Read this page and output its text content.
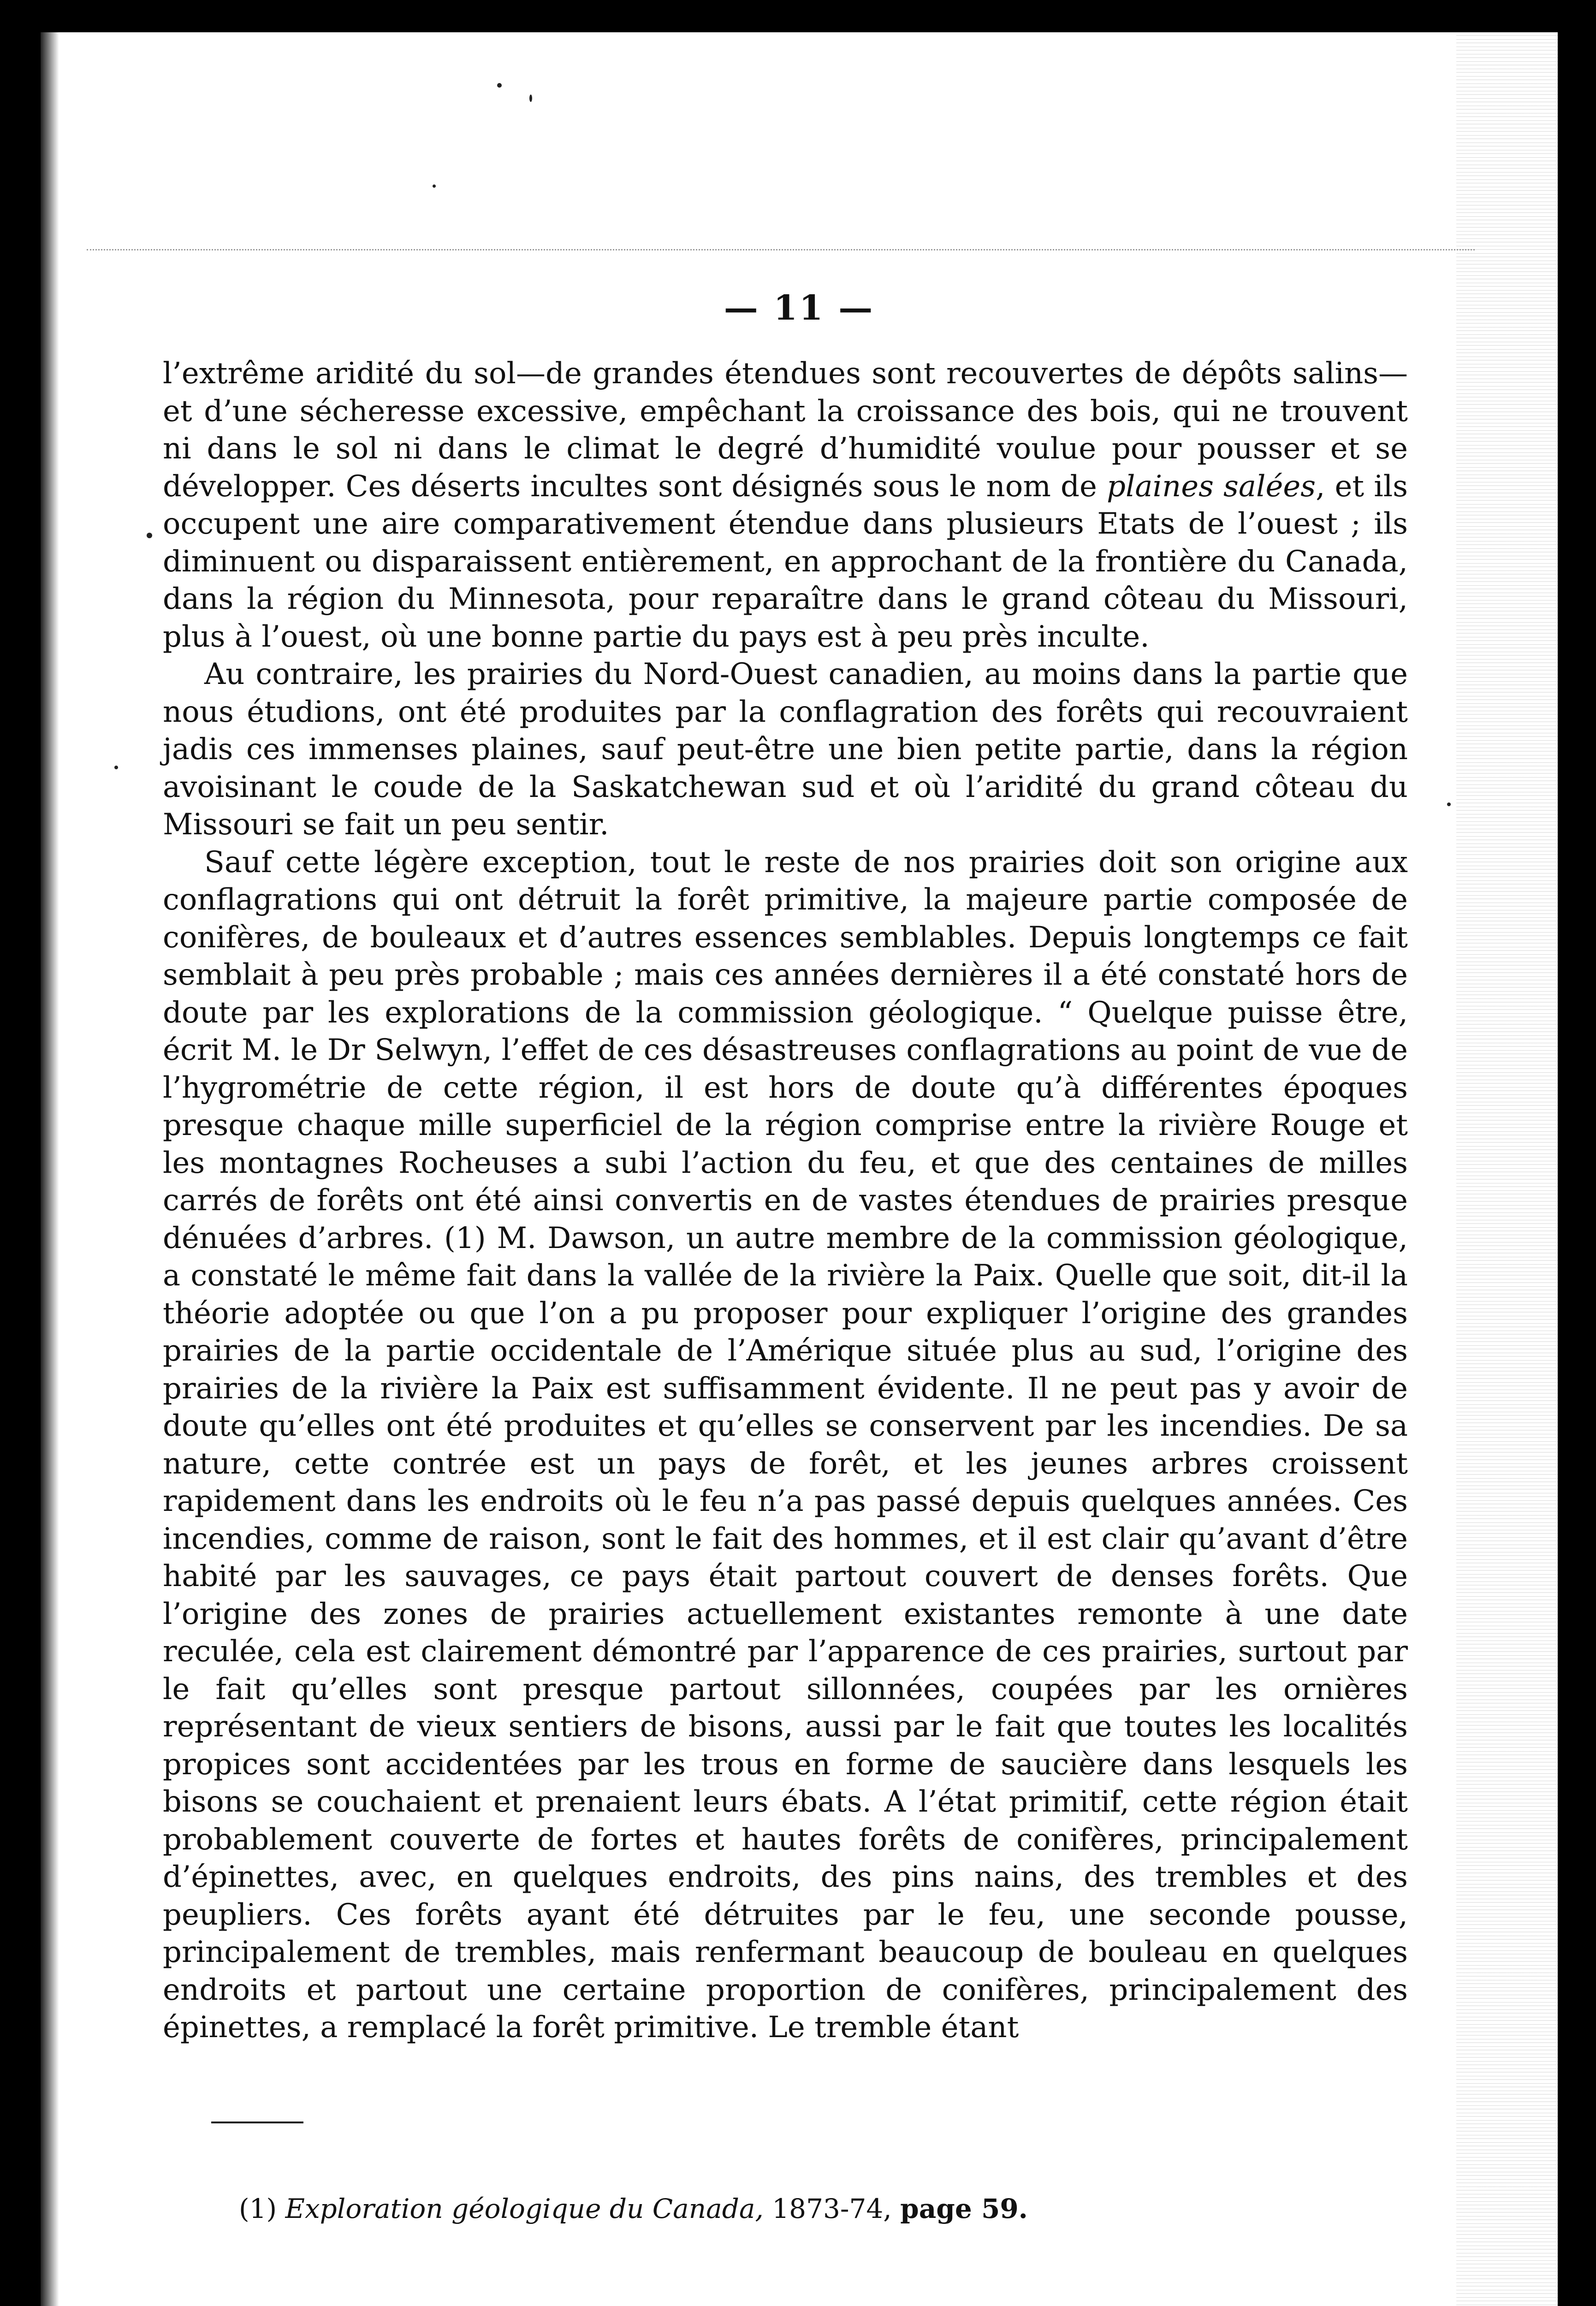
— 11 —

l’extrême aridité du sol—de grandes étendues sont recouvertes de dépôts salins—et d’une sécheresse excessive, empêchant la croissance des bois, qui ne trouvent ni dans le sol ni dans le climat le degré d’humidité voulue pour pousser et se développer. Ces déserts incultes sont désignés sous le nom de plaines salées, et ils occupent une aire comparativement étendue dans plusieurs Etats de l’ouest ; ils diminuent ou disparaissent entièrement, en approchant de la frontière du Canada, dans la région du Minnesota, pour reparaître dans le grand côteau du Missouri, plus à l’ouest, où une bonne partie du pays est à peu près inculte.

Au contraire, les prairies du Nord-Ouest canadien, au moins dans la partie que nous étudions, ont été produites par la conflagration des forêts qui recouvraient jadis ces immenses plaines, sauf peut-être une bien petite partie, dans la région avoisinant le coude de la Saskatchewan sud et où l’aridité du grand côteau du Missouri se fait un peu sentir.

Sauf cette légère exception, tout le reste de nos prairies doit son origine aux conflagrations qui ont détruit la forêt primitive, la majeure partie composée de conifères, de bouleaux et d’autres essences semblables. Depuis longtemps ce fait semblait à peu près probable ; mais ces années dernières il a été constaté hors de doute par les explorations de la commission géologique. “ Quelque puisse être, écrit M. le Dr Selwyn, l’effet de ces désastreuses conflagrations au point de vue de l’hygrométrie de cette région, il est hors de doute qu’à différentes époques presque chaque mille superficiel de la région comprise entre la rivière Rouge et les montagnes Rocheuses a subi l’action du feu, et que des centaines de milles carrés de forêts ont été ainsi convertis en de vastes étendues de prairies presque dénuées d’arbres. (1) M. Dawson, un autre membre de la commission géologique, a constaté le même fait dans la vallée de la rivière la Paix. Quelle que soit, dit-il la théorie adoptée ou que l’on a pu proposer pour expliquer l’origine des grandes prairies de la partie occidentale de l’Amérique située plus au sud, l’origine des prairies de la rivière la Paix est suffisamment évidente. Il ne peut pas y avoir de doute qu’elles ont été produites et qu’elles se conservent par les incendies. De sa nature, cette contrée est un pays de forêt, et les jeunes arbres croissent rapidement dans les endroits où le feu n’a pas passé depuis quelques années. Ces incendies, comme de raison, sont le fait des hommes, et il est clair qu’avant d’être habité par les sauvages, ce pays était partout couvert de denses forêts. Que l’origine des zones de prairies actuellement existantes remonte à une date reculée, cela est clairement démontré par l’apparence de ces prairies, surtout par le fait qu’elles sont presque partout sillonnées, coupées par les ornières représentant de vieux sentiers de bisons, aussi par le fait que toutes les localités propices sont accidentées par les trous en forme de saucière dans lesquels les bisons se couchaient et prenaient leurs ébats. A l’état primitif, cette région était probablement couverte de fortes et hautes forêts de conifères, principalement d’épinettes, avec, en quelques endroits, des pins nains, des trembles et des peupliers. Ces forêts ayant été détruites par le feu, une seconde pousse, principalement de trembles, mais renfermant beaucoup de bouleau en quelques endroits et partout une certaine proportion de conifères, principalement des épinettes, a remplacé la forêt primitive. Le tremble étant

(1) Exploration géologique du Canada, 1873-74, page 59.
